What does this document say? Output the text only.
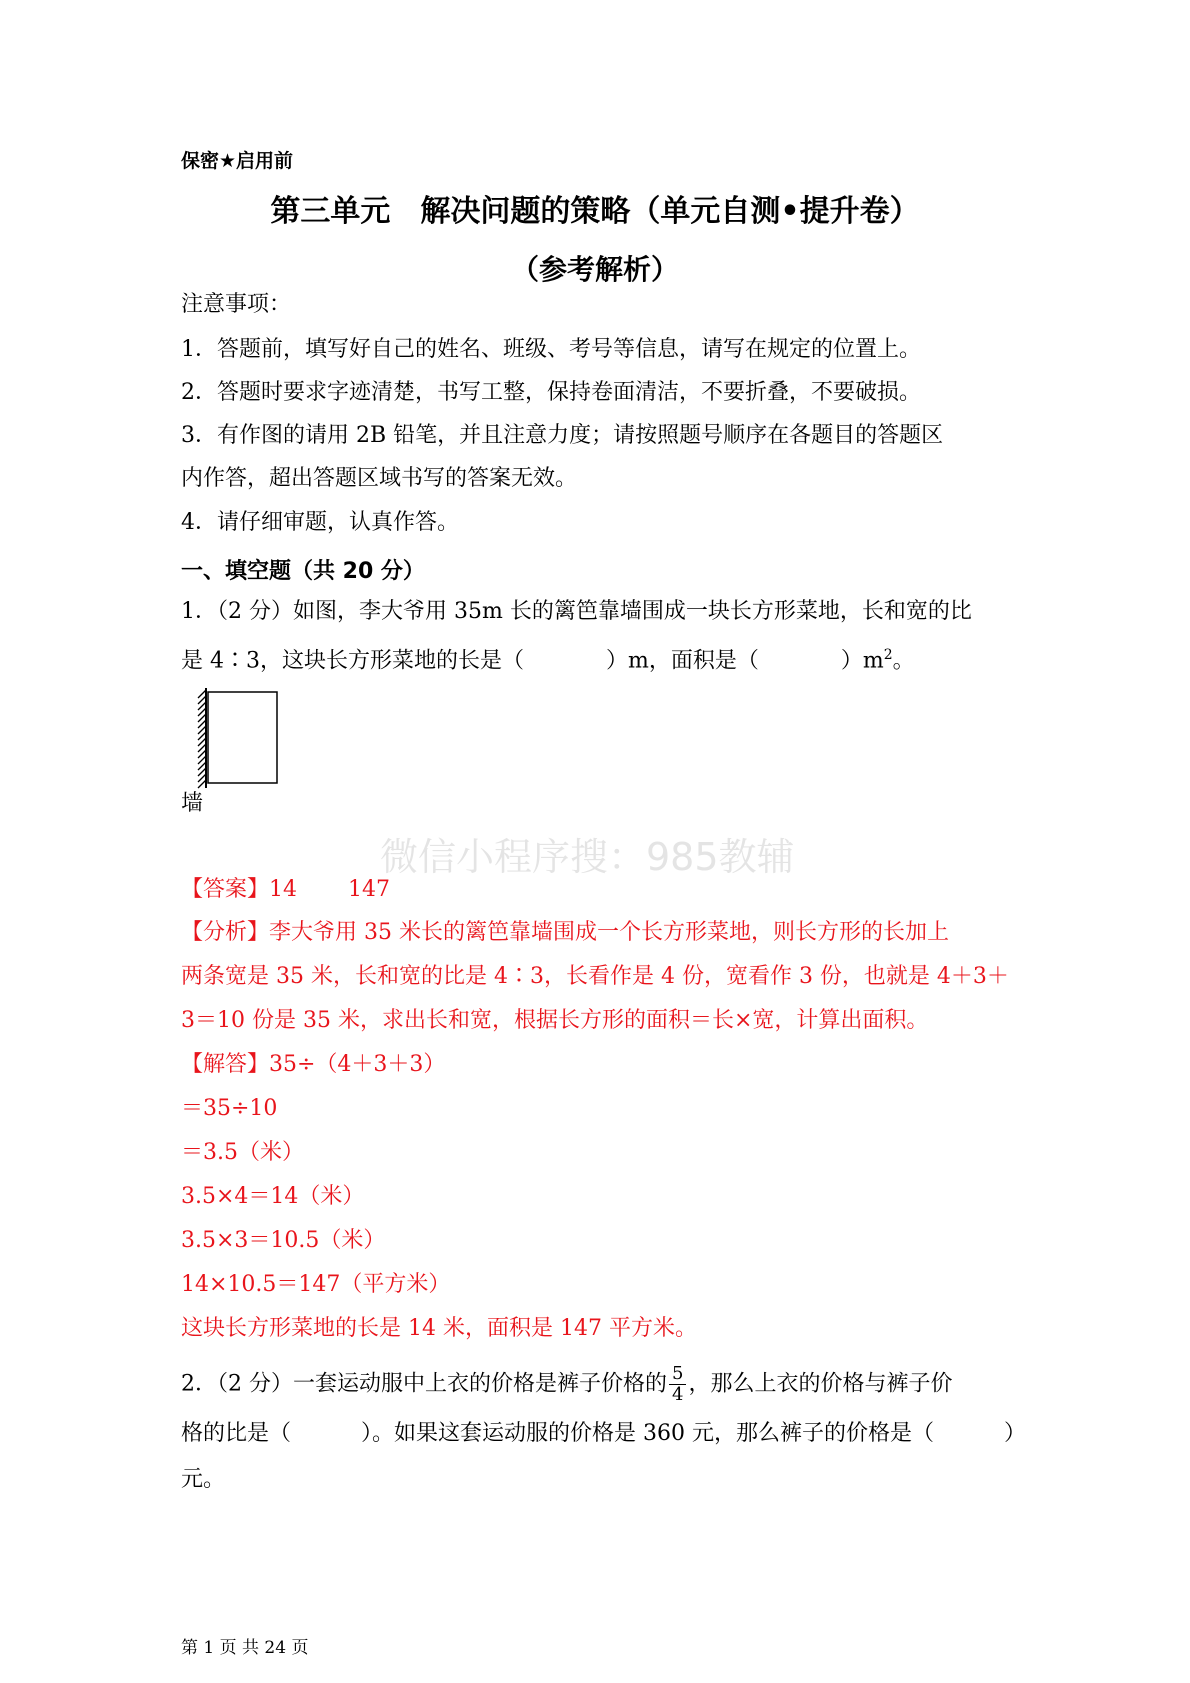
保密★启用前
第三单元　解决问题的策略（单元自测•提升卷）
（参考解析）
注意事项：
1．答题前，填写好自己的姓名、班级、考号等信息，请写在规定的位置上。
2．答题时要求字迹清楚，书写工整，保持卷面清洁，不要折叠，不要破损。
3．有作图的请用 2B 铅笔，并且注意力度；请按照题号顺序在各题目的答题区
内作答，超出答题区域书写的答案无效。
4．请仔细审题，认真作答。
一、填空题（共 20 分）
1．（2 分）如图，李大爷用 35m 长的篱笆靠墙围成一块长方形菜地，长和宽的比
是 4∶3，这块长方形菜地的长是（	）m，面积是（	）$m^2$。
墙
微信小程序搜：985教辅
【答案】14　　 147
【分析】李大爷用 35 米长的篱笆靠墙围成一个长方形菜地，则长方形的长加上
两条宽是 35 米，长和宽的比是 4∶3，长看作是 4 份，宽看作 3 份，也就是 4＋3＋
3＝10 份是 35 米，求出长和宽，根据长方形的面积＝长×宽，计算出面积。
【解答】35÷（4＋3＋3）
＝35÷10
＝3.5（米）
3.5×4＝14（米）
3.5×3＝10.5（米）
14×10.5＝147（平方米）
这块长方形菜地的长是 14 米，面积是 147 平方米。
2．（2 分）一套运动服中上衣的价格是裤子价格的 $\frac{5}{4}$ ，那么上衣的价格与裤子价
格的比是（	）。如果这套运动服的价格是 360 元，那么裤子的价格是（	）
元。
第 1 页 共 24 页
